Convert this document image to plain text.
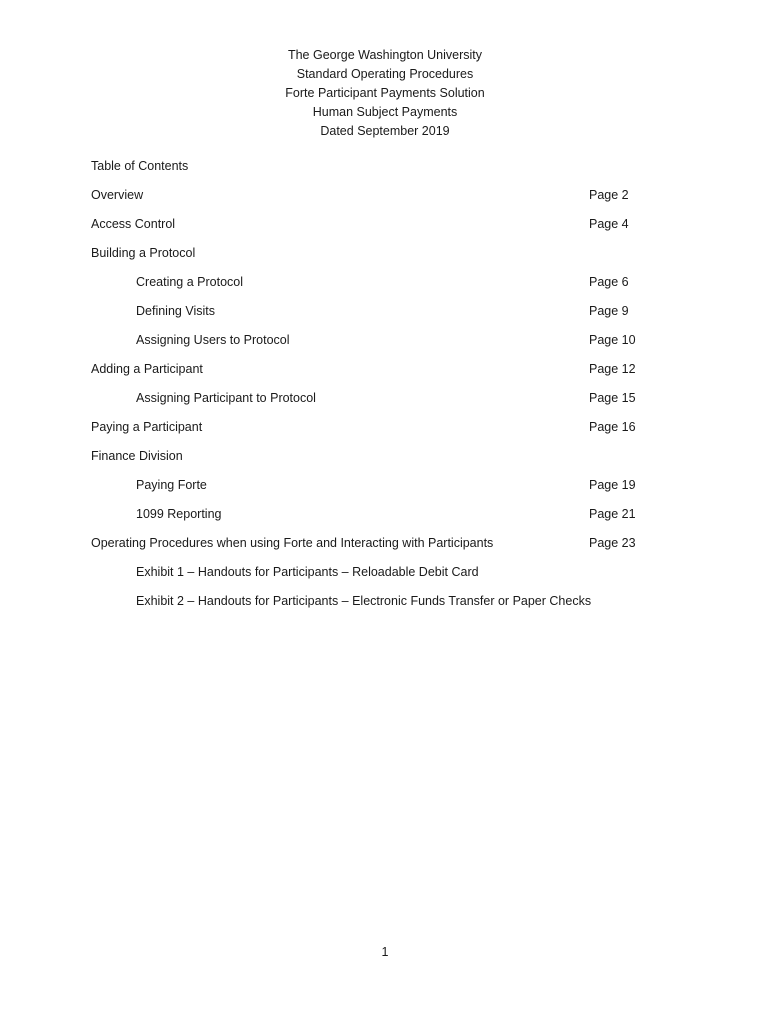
The George Washington University
Standard Operating Procedures
Forte Participant Payments Solution
Human Subject Payments
Dated September 2019
Table of Contents
Overview	Page 2
Access Control	Page 4
Building a Protocol
Creating a Protocol	Page 6
Defining Visits	Page 9
Assigning Users to Protocol	Page 10
Adding a Participant	Page 12
Assigning Participant to Protocol	Page 15
Paying a Participant	Page 16
Finance Division
Paying Forte	Page 19
1099 Reporting	Page 21
Operating Procedures when using Forte and Interacting with Participants	Page 23
Exhibit 1 – Handouts for Participants – Reloadable Debit Card
Exhibit 2 – Handouts for Participants – Electronic Funds Transfer or Paper Checks
1
